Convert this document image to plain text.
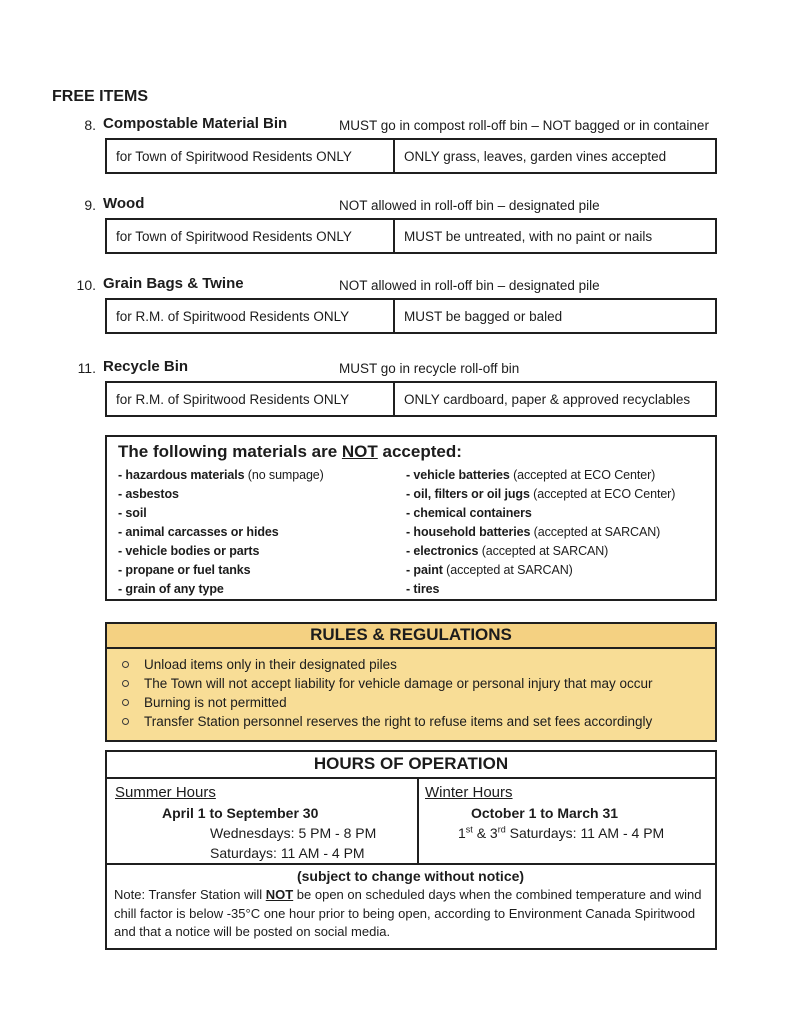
FREE ITEMS
8. Compostable Material Bin	MUST go in compost roll-off bin – NOT bagged or in container
for Town of Spiritwood Residents ONLY	ONLY grass, leaves, garden vines accepted
9. Wood	NOT allowed in roll-off bin – designated pile
for Town of Spiritwood Residents ONLY	MUST be untreated, with no paint or nails
10. Grain Bags & Twine	NOT allowed in roll-off bin – designated pile
for R.M. of Spiritwood Residents ONLY	MUST be bagged or baled
11. Recycle Bin	MUST go in recycle roll-off bin
for R.M. of Spiritwood Residents ONLY	ONLY cardboard, paper & approved recyclables
The following materials are NOT accepted:
- hazardous materials (no sumpage)
- asbestos
- soil
- animal carcasses or hides
- vehicle bodies or parts
- propane or fuel tanks
- grain of any type
- vehicle batteries (accepted at ECO Center)
- oil, filters or oil jugs (accepted at ECO Center)
- chemical containers
- household batteries (accepted at SARCAN)
- electronics (accepted at SARCAN)
- paint (accepted at SARCAN)
- tires
RULES & REGULATIONS
Unload items only in their designated piles
The Town will not accept liability for vehicle damage or personal injury that may occur
Burning is not permitted
Transfer Station personnel reserves the right to refuse items and set fees accordingly
HOURS OF OPERATION
Summer Hours
April 1 to September 30
Wednesdays: 5 PM - 8 PM
Saturdays: 11 AM - 4 PM
Winter Hours
October 1 to March 31
1st & 3rd Saturdays: 11 AM - 4 PM
(subject to change without notice)
Note: Transfer Station will NOT be open on scheduled days when the combined temperature and wind chill factor is below -35°C one hour prior to being open, according to Environment Canada Spiritwood and that a notice will be posted on social media.
